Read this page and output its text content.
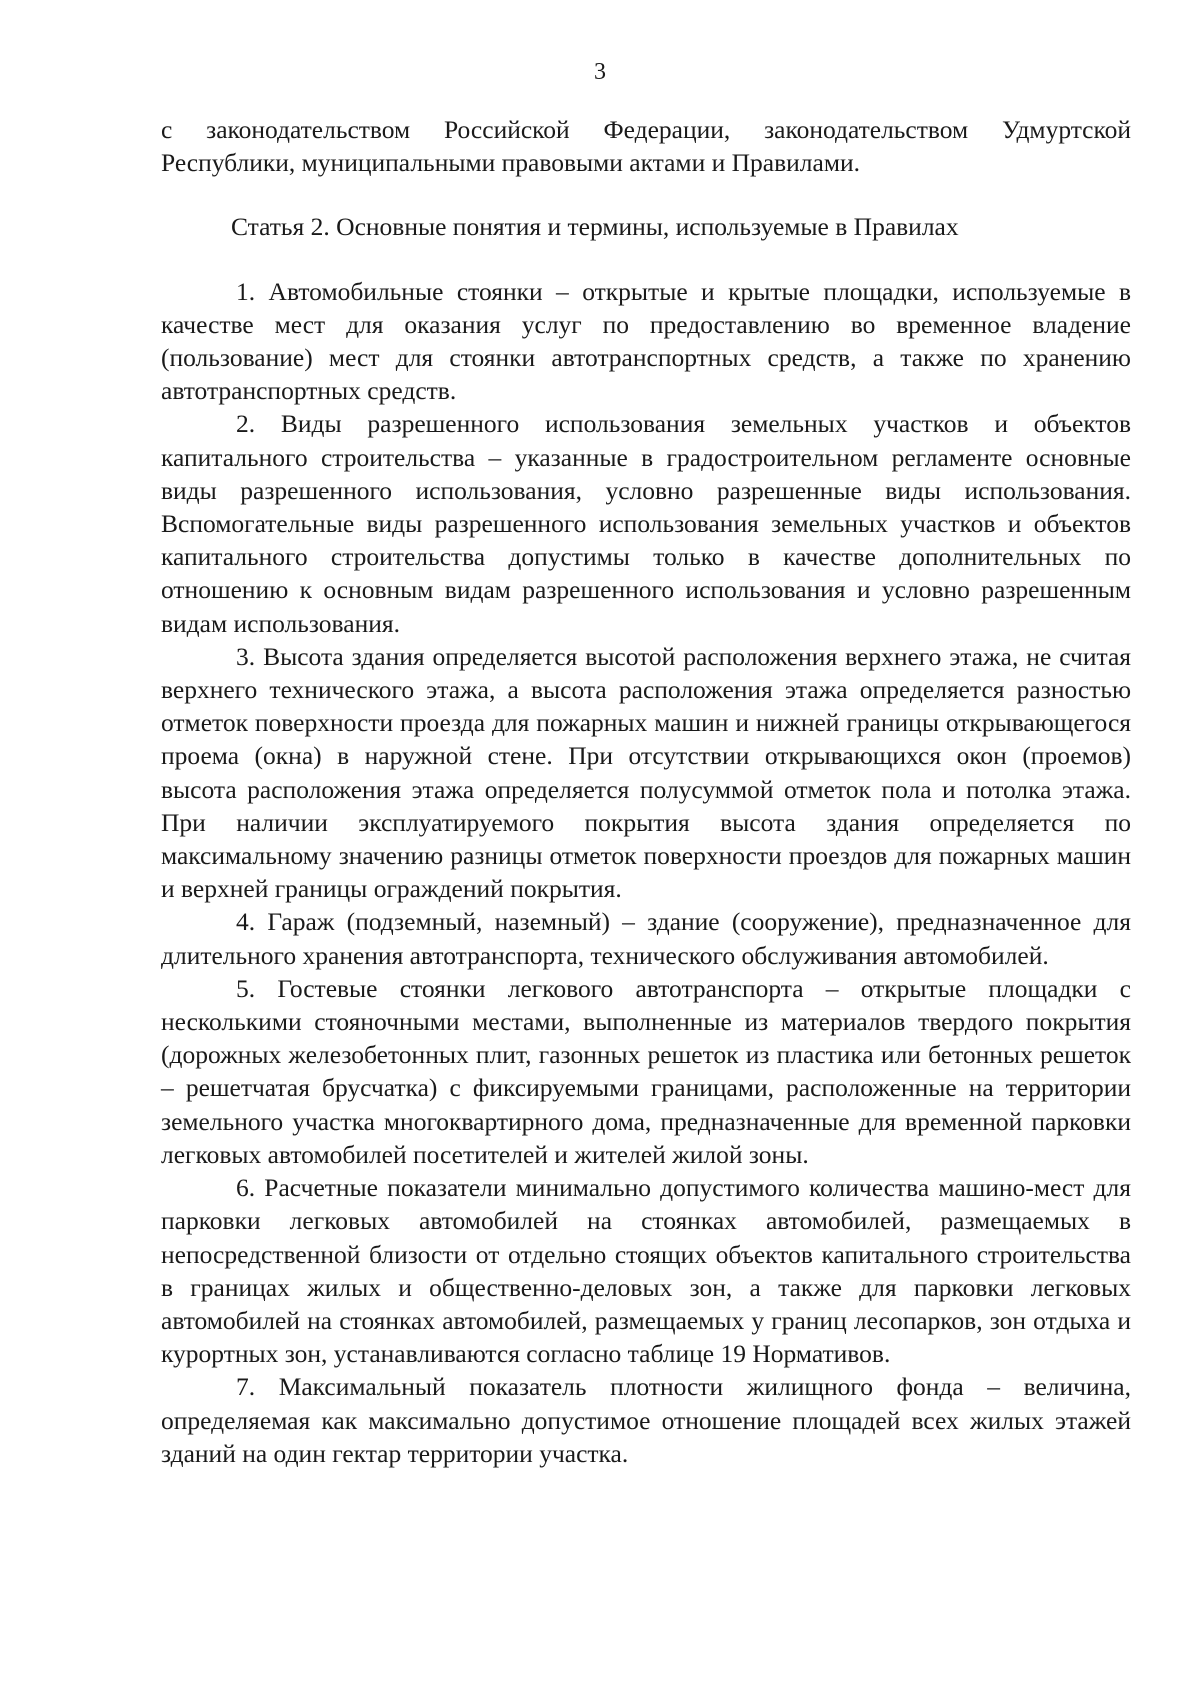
3

с законодательством Российской Федерации, законодательством Удмуртской Республики, муниципальными правовыми актами и Правилами.

Статья 2. Основные понятия и термины, используемые в Правилах

1. Автомобильные стоянки – открытые и крытые площадки, используемые в качестве мест для оказания услуг по предоставлению во временное владение (пользование) мест для стоянки автотранспортных средств, а также по хранению автотранспортных средств.

2. Виды разрешенного использования земельных участков и объектов капитального строительства – указанные в градостроительном регламенте основные виды разрешенного использования, условно разрешенные виды использования. Вспомогательные виды разрешенного использования земельных участков и объектов капитального строительства допустимы только в качестве дополнительных по отношению к основным видам разрешенного использования и условно разрешенным видам использования.

3. Высота здания определяется высотой расположения верхнего этажа, не считая верхнего технического этажа, а высота расположения этажа определяется разностью отметок поверхности проезда для пожарных машин и нижней границы открывающегося проема (окна) в наружной стене. При отсутствии открывающихся окон (проемов) высота расположения этажа определяется полусуммой отметок пола и потолка этажа. При наличии эксплуатируемого покрытия высота здания определяется по максимальному значению разницы отметок поверхности проездов для пожарных машин и верхней границы ограждений покрытия.

4. Гараж (подземный, наземный) – здание (сооружение), предназначенное для длительного хранения автотранспорта, технического обслуживания автомобилей.

5. Гостевые стоянки легкового автотранспорта – открытые площадки с несколькими стояночными местами, выполненные из материалов твердого покрытия (дорожных железобетонных плит, газонных решеток из пластика или бетонных решеток – решетчатая брусчатка) с фиксируемыми границами, расположенные на территории земельного участка многоквартирного дома, предназначенные для временной парковки легковых автомобилей посетителей и жителей жилой зоны.

6. Расчетные показатели минимально допустимого количества машино-мест для парковки легковых автомобилей на стоянках автомобилей, размещаемых в непосредственной близости от отдельно стоящих объектов капитального строительства в границах жилых и общественно-деловых зон, а также для парковки легковых автомобилей на стоянках автомобилей, размещаемых у границ лесопарков, зон отдыха и курортных зон, устанавливаются согласно таблице 19 Нормативов.

7. Максимальный показатель плотности жилищного фонда – величина, определяемая как максимально допустимое отношение площадей всех жилых этажей зданий на один гектар территории участка.
